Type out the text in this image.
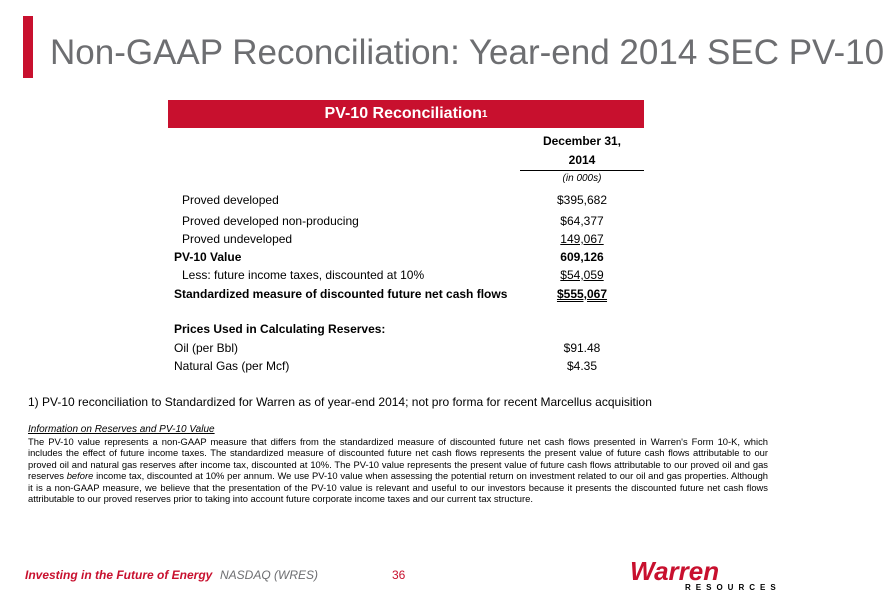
Non-GAAP Reconciliation: Year-end 2014 SEC PV-10
PV-10 Reconciliation 1
December 31,
2014
(in 000s)
Proved developed	$395,682
Proved developed non-producing	$64,377
Proved undeveloped	149,067
PV-10 Value	609,126
Less: future income taxes, discounted at 10%	$54,059
Standardized measure of discounted future net cash flows	$555,067
Prices Used in Calculating Reserves:
Oil (per Bbl)	$91.48
Natural Gas (per Mcf)	$4.35
1) PV-10 reconciliation to Standardized for Warren as of year-end 2014; not pro forma for recent Marcellus acquisition
Information on Reserves and PV-10 Value
The PV-10 value represents a non-GAAP measure that differs from the standardized measure of discounted future net cash flows presented in Warren's Form 10-K, which includes the effect of future income taxes. The standardized measure of discounted future net cash flows represents the present value of future cash flows attributable to our proved oil and natural gas reserves after income tax, discounted at 10%. The PV-10 value represents the present value of future cash flows attributable to our proved oil and gas reserves before income tax, discounted at 10% per annum. We use PV-10 value when assessing the potential return on investment related to our oil and gas properties. Although it is a non-GAAP measure, we believe that the presentation of the PV-10 value is relevant and useful to our investors because it presents the discounted future net cash flows attributable to our proved reserves prior to taking into account future corporate income taxes and our current tax structure.
Investing in the Future of Energy NASDAQ (WRES)	36	Warren
RESOURCES
